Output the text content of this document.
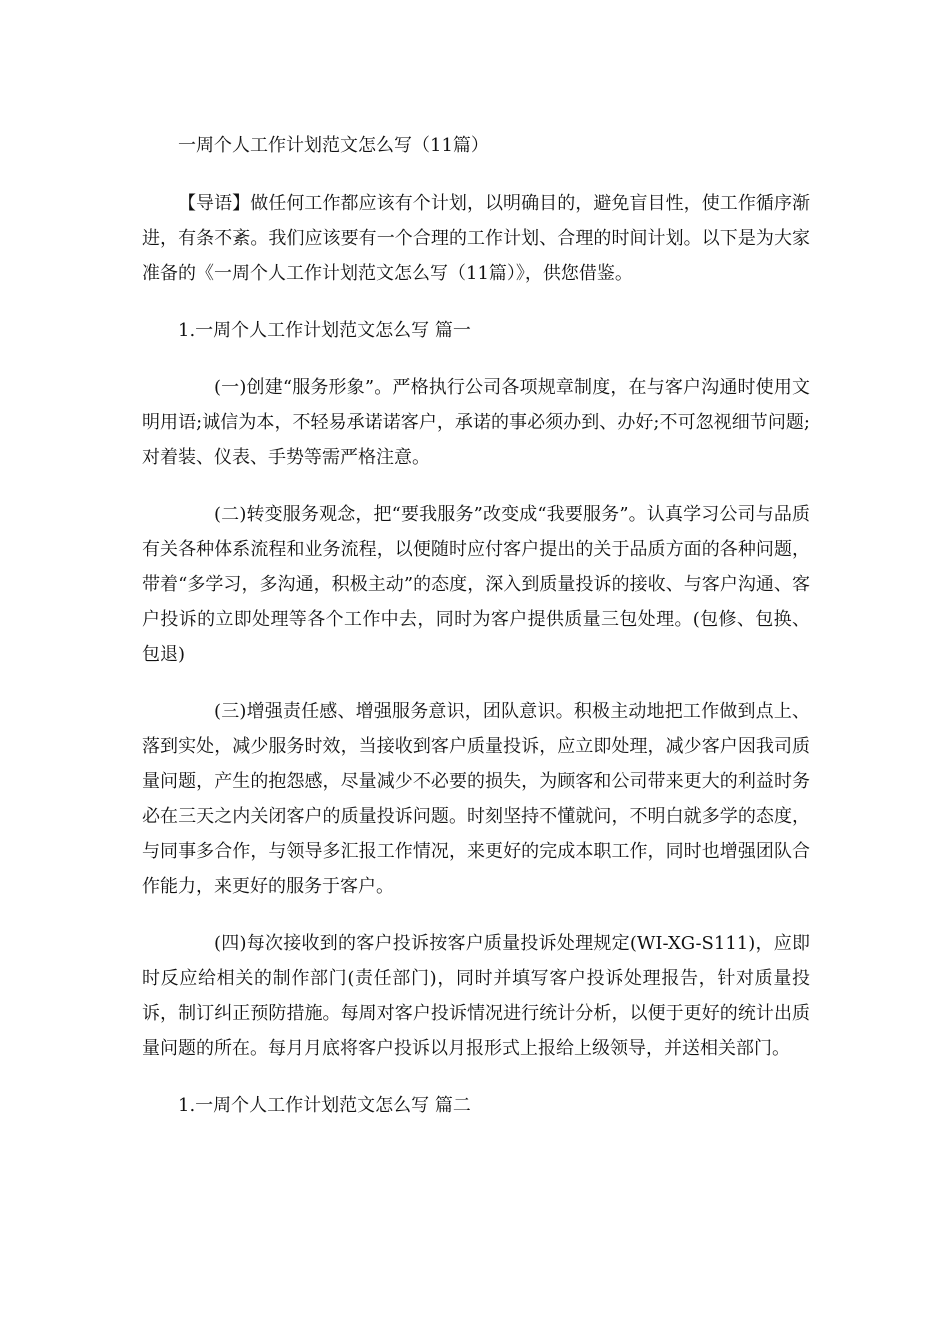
一周个人工作计划范文怎么写（11篇）

【导语】做任何工作都应该有个计划，以明确目的，避免盲目性，使工作循序渐进，有条不紊。我们应该要有一个合理的工作计划、合理的时间计划。以下是为大家准备的《一周个人工作计划范文怎么写（11篇）》，供您借鉴。

1.一周个人工作计划范文怎么写 篇一

(一)创建“服务形象”。严格执行公司各项规章制度，在与客户沟通时使用文明用语;诚信为本，不轻易承诺诺客户，承诺的事必须办到、办好;不可忽视细节问题;对着装、仪表、手势等需严格注意。

(二)转变服务观念，把“要我服务”改变成“我要服务”。认真学习公司与品质有关各种体系流程和业务流程，以便随时应付客户提出的关于品质方面的各种问题，带着“多学习，多沟通，积极主动”的态度，深入到质量投诉的接收、与客户沟通、客户投诉的立即处理等各个工作中去，同时为客户提供质量三包处理。(包修、包换、包退)

(三)增强责任感、增强服务意识，团队意识。积极主动地把工作做到点上、落到实处，减少服务时效，当接收到客户质量投诉，应立即处理，减少客户因我司质量问题，产生的抱怨感，尽量减少不必要的损失，为顾客和公司带来更大的利益时务必在三天之内关闭客户的质量投诉问题。时刻坚持不懂就问，不明白就多学的态度，与同事多合作，与领导多汇报工作情况，来更好的完成本职工作，同时也增强团队合作能力，来更好的服务于客户。

(四)每次接收到的客户投诉按客户质量投诉处理规定(WI-XG-S111)，应即时反应给相关的制作部门(责任部门)，同时并填写客户投诉处理报告，针对质量投诉，制订纠正预防措施。每周对客户投诉情况进行统计分析，以便于更好的统计出质量问题的所在。每月月底将客户投诉以月报形式上报给上级领导，并送相关部门。

1.一周个人工作计划范文怎么写 篇二
